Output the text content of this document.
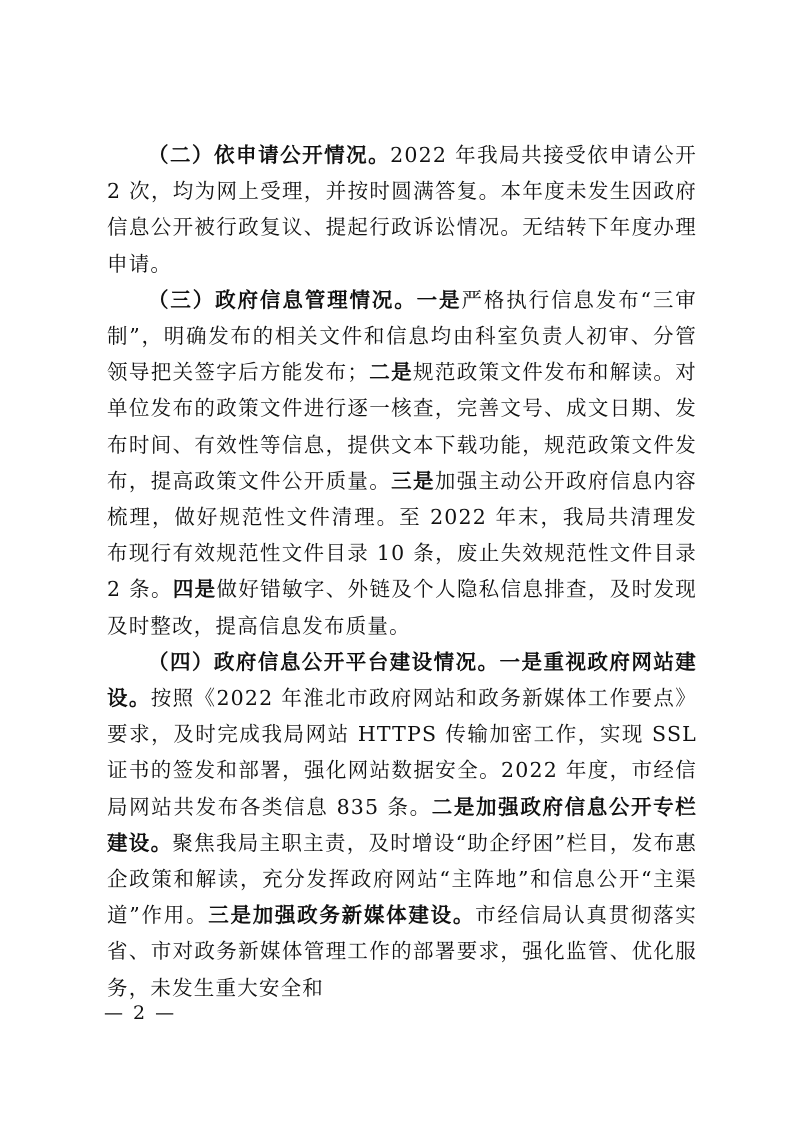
（二）依申请公开情况。2022 年我局共接受依申请公开 2 次，均为网上受理，并按时圆满答复。本年度未发生因政府信息公开被行政复议、提起行政诉讼情况。无结转下年度办理申请。

（三）政府信息管理情况。一是严格执行信息发布“三审制”，明确发布的相关文件和信息均由科室负责人初审、分管领导把关签字后方能发布；二是规范政策文件发布和解读。对单位发布的政策文件进行逐一核查，完善文号、成文日期、发布时间、有效性等信息，提供文本下载功能，规范政策文件发布，提高政策文件公开质量。三是加强主动公开政府信息内容梳理，做好规范性文件清理。至 2022 年末，我局共清理发布现行有效规范性文件目录 10 条，废止失效规范性文件目录 2 条。四是做好错敏字、外链及个人隐私信息排查，及时发现及时整改，提高信息发布质量。

（四）政府信息公开平台建设情况。一是重视政府网站建设。按照《2022 年淮北市政府网站和政务新媒体工作要点》要求，及时完成我局网站 HTTPS 传输加密工作，实现 SSL 证书的签发和部署，强化网站数据安全。2022 年度，市经信局网站共发布各类信息 835 条。二是加强政府信息公开专栏建设。聚焦我局主职主责，及时增设“助企纾困”栏目，发布惠企政策和解读，充分发挥政府网站“主阵地”和信息公开“主渠道”作用。三是加强政务新媒体建设。市经信局认真贯彻落实省、市对政务新媒体管理工作的部署要求，强化监管、优化服务，未发生重大安全和

— 2 —
